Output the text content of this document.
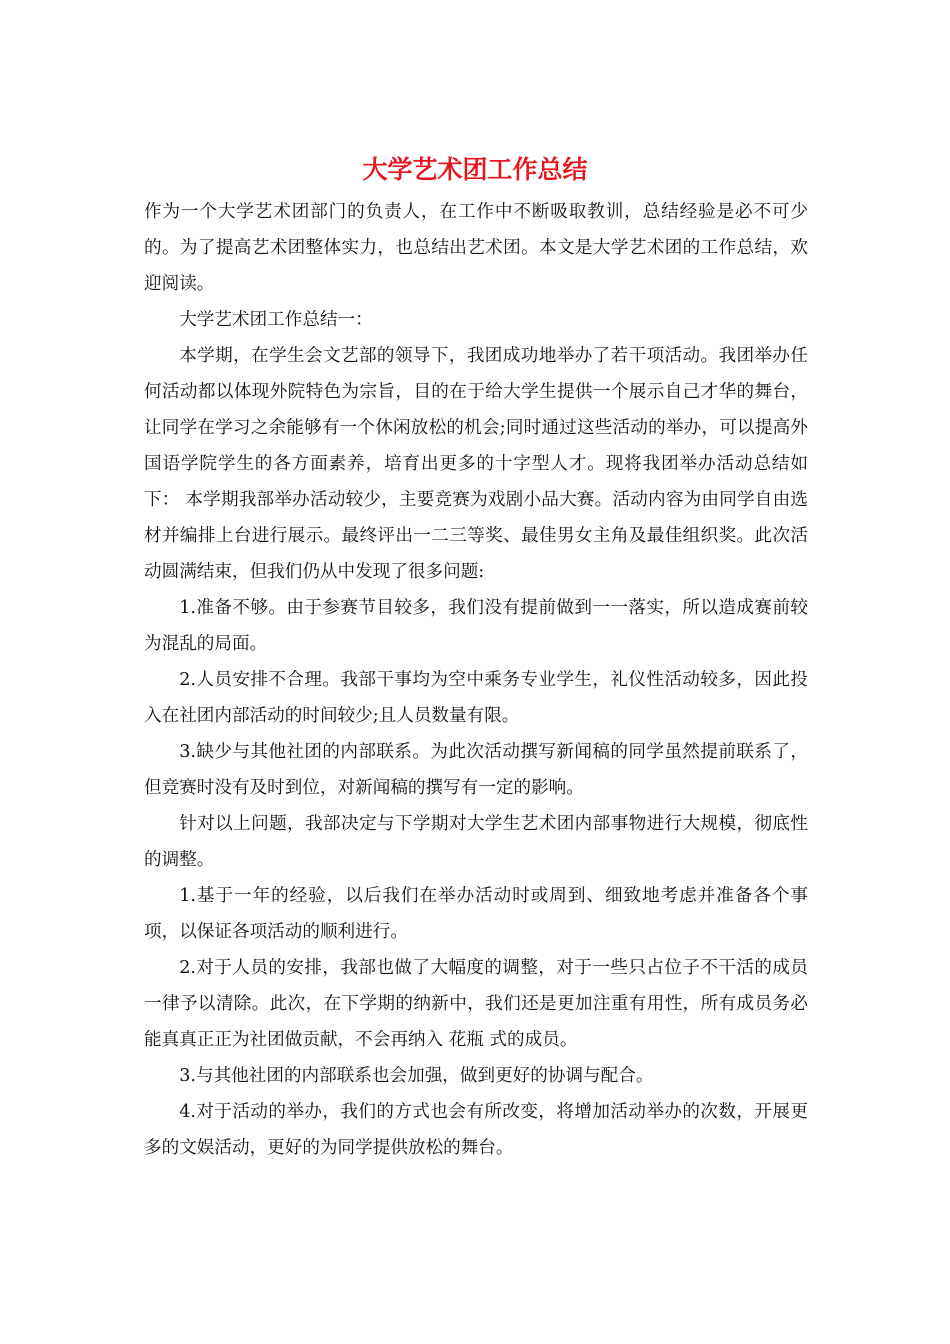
大学艺术团工作总结

作为一个大学艺术团部门的负责人，在工作中不断吸取教训，总结经验是必不可少的。为了提高艺术团整体实力，也总结出艺术团。本文是大学艺术团的工作总结，欢迎阅读。

大学艺术团工作总结一：

本学期，在学生会文艺部的领导下，我团成功地举办了若干项活动。我团举办任何活动都以体现外院特色为宗旨，目的在于给大学生提供一个展示自己才华的舞台，让同学在学习之余能够有一个休闲放松的机会;同时通过这些活动的举办，可以提高外国语学院学生的各方面素养，培育出更多的十字型人才。现将我团举办活动总结如下： 本学期我部举办活动较少，主要竞赛为戏剧小品大赛。活动内容为由同学自由选材并编排上台进行展示。最终评出一二三等奖、最佳男女主角及最佳组织奖。此次活动圆满结束，但我们仍从中发现了很多问题:

1.准备不够。由于参赛节目较多，我们没有提前做到一一落实，所以造成赛前较为混乱的局面。

2.人员安排不合理。我部干事均为空中乘务专业学生，礼仪性活动较多，因此投入在社团内部活动的时间较少;且人员数量有限。

3.缺少与其他社团的内部联系。为此次活动撰写新闻稿的同学虽然提前联系了，但竞赛时没有及时到位，对新闻稿的撰写有一定的影响。

针对以上问题，我部决定与下学期对大学生艺术团内部事物进行大规模，彻底性的调整。

1.基于一年的经验，以后我们在举办活动时或周到、细致地考虑并准备各个事项，以保证各项活动的顺利进行。

2.对于人员的安排，我部也做了大幅度的调整，对于一些只占位子不干活的成员一律予以清除。此次，在下学期的纳新中，我们还是更加注重有用性，所有成员务必能真真正正为社团做贡献，不会再纳入 花瓶 式的成员。

3.与其他社团的内部联系也会加强，做到更好的协调与配合。

4.对于活动的举办，我们的方式也会有所改变，将增加活动举办的次数，开展更多的文娱活动，更好的为同学提供放松的舞台。
